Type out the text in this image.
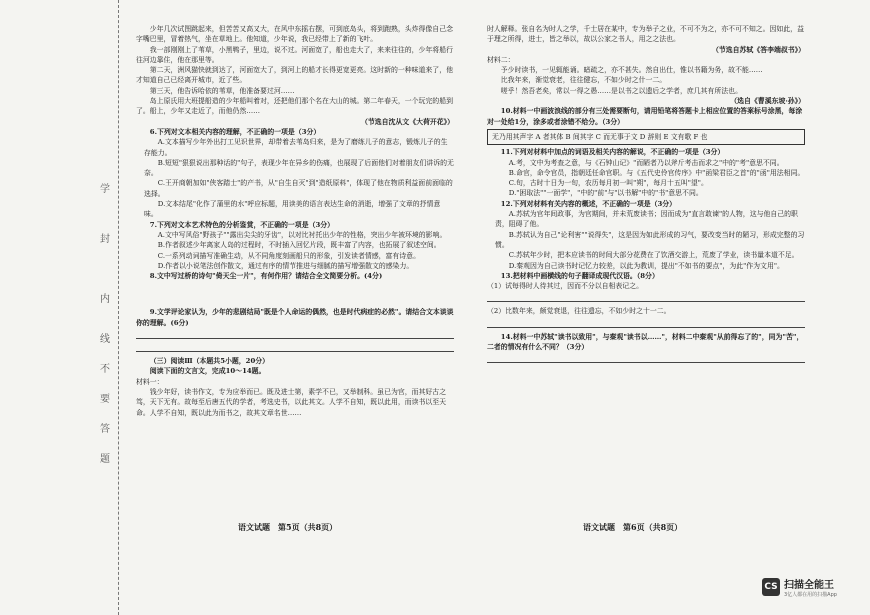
学
封
内
线
不
要
答
题

少年几次试图跳起来，但苦苦又高又大，在风中东摇右摆，可到底岛头，将到跑熟，头炸得像自己念字嘴巴里，冒着热气，坐在草地上。他知道，少年说，我已经带上了新的飞叶。

我一部刚刚上了苇草，小黑鸭子，里边，说不过。河面宽了，船也走大了，来来往往的，少年将船行往河边靠住，他在那里等。

第二天，洲风猫快就到达了，河面宽大了，到河上的船才长得更宽更亮。这时新的一种味道来了，他才知道自己已经离开城市，近了些。

第三天，他告诉哈依的苇草，他准备要过河……

岛上原氏用大班提船造的少年船叫着对，还把他们那个名在大山的城。第二年春天，一个玩完的船到了。船上，少年又走近了，而他仍然……

（节选自沈从文《大荷开花》）

6.下列对文本相关内容的理解，不正确的一项是（3分）

A.文本描写少年外出打工见识世界，却带着去苇岛归来，是为了磨练儿子的意志，锻炼儿子的生存能力。

B.短短"狠狠说出那种话的"句子，表现少年在异乡的伤痛，也展现了后面他们对着朋友们讲诉的无奈。

C.王开商朝加如"侠客踏士"的产书，从"自生自灭"到"造纸原料"，体现了他在物质利益面前面临的选择。

D.文本结尾"化作了蒲里的水"呼应标题，用读美的语言表达生命的消逝，增强了文章的抒情意味。

7.下列对文本艺术特色的分析鉴赏，不正确的一项是（3分）

A.文中写风俗"野孩子""露出尖尖的牙齿"，以对比衬托出少年的性格，突出少年被环境的影响。

B.作者叙述少年离家人岛的过程时，不时插入回忆片段，既丰富了内容，也拓展了叙述空间。

C.一系列动词描写准确生动，从不同角度刻画船只的形象，引发读者情感，富有诗意。

D.作者以小说笔法创作散文，通过有序的情节推进与细腻的描写增强散文的感染力。

8.文中写过桥的诗句"倚天尘一片"，有何作用？请结合全文简要分析。(4分)

9.文学评论家认为，少年的悲剧结局"既是个人命运的偶然，也是时代病症的必然"。请结合文本谈谈你的理解。(6分)

（三）阅读Ⅲ（本题共5小题，20分）

阅读下面的文言文，完成10～14题。

材料一：

钱少年好，读书作文，专为应举而已。既及进士第，素学不已，又举制科。虽已为官，而其好古之笃，天下无有。故每至后唐五代的学者，考选史书，以此其文。人学不自知，既以此用，而读书以至天命。人学不自知，既以此为而书之，故其文章名世……

语文试题　第5页（共8页）

时人解释。张自名为时人之学，千士居在某中，专为举子之业，不可不为之，亦不可不知之。因如此，益于理之所得，进士，皆之举以，故以公家之书人，用之之法也。

（节选自苏轼《答李端叔书》）

材料二：

予少时读书，一见辄能诵。暗疏之，亦不甚失。然自出仕，惟以书籍为务，故不能……

比我年来，渐觉衰老，往往健忘，不如少时之什一二。

嗟乎！然吾老矣，常以一得之愚……是以书之以遗后之学者，庶几其有所法也。

（选自《曹溪东坡·孙》）

10.材料一中画波浪线的部分有三处需要断句，请用铅笔将答题卡上相应位置的答案标号涂黑，每涂对一处给1分，涂多或者涂错不给分。（3分）

无乃用其声字 A 者其体 B 间其字 C 而无事于文 D 辞则 E 文有歌 F 也

11.下列对材料中加点的词语及相关内容的解说，不正确的一项是（3分）

A.考，文中为考查之意，与《石钟山记》"而陋者乃以斧斤考击而求之"中的"考"意思不同。

B.命官，命令官员，指朝廷任命官职。与《五代史伶官传序》中"函梁君臣之首"的"函"用法相同。

C.旬，古时十日为一旬，农历每月初一叫"朔"，每月十五叫"望"。

D."困取法""一面学"，"中的"前"与"以书解"中的"书"意思不同。

12.下列对材料有关内容的概述，不正确的一项是（3分）

A.苏轼为官年间政事，为官期间，并未荒废读书；因而成为"直言敢谏"的人物，这与他自己的职责，阻碍了他。

B.苏轼认为自己"论利害""说得失"，这是因为如此形成的习气，要改变当时的陋习，形成完整的习惯。

C.苏轼年少时，把本应读书的时间大部分花费在了饮酒交游上，荒废了学业，读书量本道不足。

D.秦观因为自己读书时记忆力较差，以此为教训，提出"不如书的要点"，为此"作为文用"。

13.把材料中画横线的句子翻译成现代汉语。（8分）

（1）试每得时人待其过，因而不分以自相表记之。

（2）比数年来，颇觉衰退，往往遗忘，不如少时之十一二。

14.材料一中苏轼"读书以致用"，与秦观"读书以……"，材料二中秦观"从前得忘了的"，同为"苦"，二者的情况有什么不同？（3分）

语文试题　第6页（共8页）
CS 扫描全能王
3亿人都在用的扫描App
